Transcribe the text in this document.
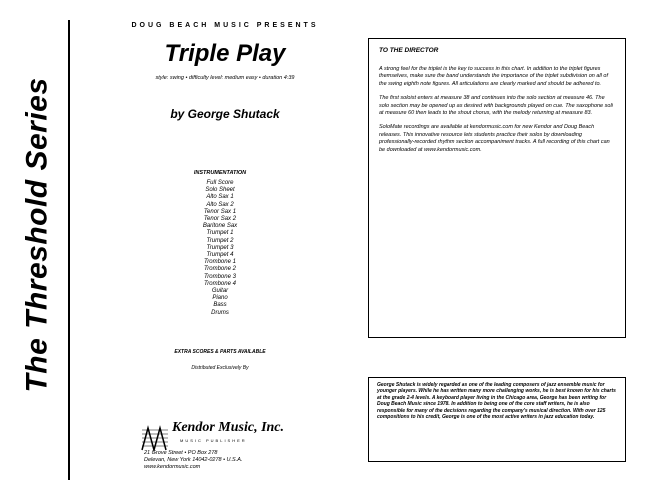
The Threshold Series
DOUG BEACH MUSIC PRESENTS
Triple Play
style: swing • difficulty level: medium easy • duration 4:39
by George Shutack
INSTRUMENTATION
Full Score
Solo Sheet
Alto Sax 1
Alto Sax 2
Tenor Sax 1
Tenor Sax 2
Baritone Sax
Trumpet 1
Trumpet 2
Trumpet 3
Trumpet 4
Trombone 1
Trombone 2
Trombone 3
Trombone 4
Guitar
Piano
Bass
Drums
EXTRA SCORES & PARTS AVAILABLE
Distributed Exclusively By
Kendor Music, Inc.
MUSIC PUBLISHER
21 Grove Street • PO Box 278
Delevan, New York 14042-0278 • U.S.A.
www.kendormusic.com
TO THE DIRECTOR

A strong feel for the triplet is the key to success in this chart. In addition to the triplet figures themselves, make sure the band understands the importance of the triplet subdivision on all of the swing eighth note figures. All articulations are clearly marked and should be adhered to.

The first soloist enters at measure 38 and continues into the solo section at measure 46. The solo section may be opened up as desired with backgrounds played on cue. The saxophone soli at measure 60 then leads to the shout chorus, with the melody returning at measure 83.

SoloMate recordings are available at kendormusic.com for new Kendor and Doug Beach releases. This innovative resource lets students practice their solos by downloading professionally-recorded rhythm section accompaniment tracks. A full recording of this chart can be downloaded at www.kendormusic.com.

George Shutack is widely regarded as one of the leading composers of jazz ensemble music for younger players. While he has written many more challenging works, he is best known for his charts at the grade 2-4 levels. A keyboard player living in the Chicago area, George has been writing for Doug Beach Music since 1978. In addition to being one of the core staff writers, he is also responsible for many of the decisions regarding the company's musical direction. With over 125 compositions to his credit, George is one of the most active writers in jazz education today.
